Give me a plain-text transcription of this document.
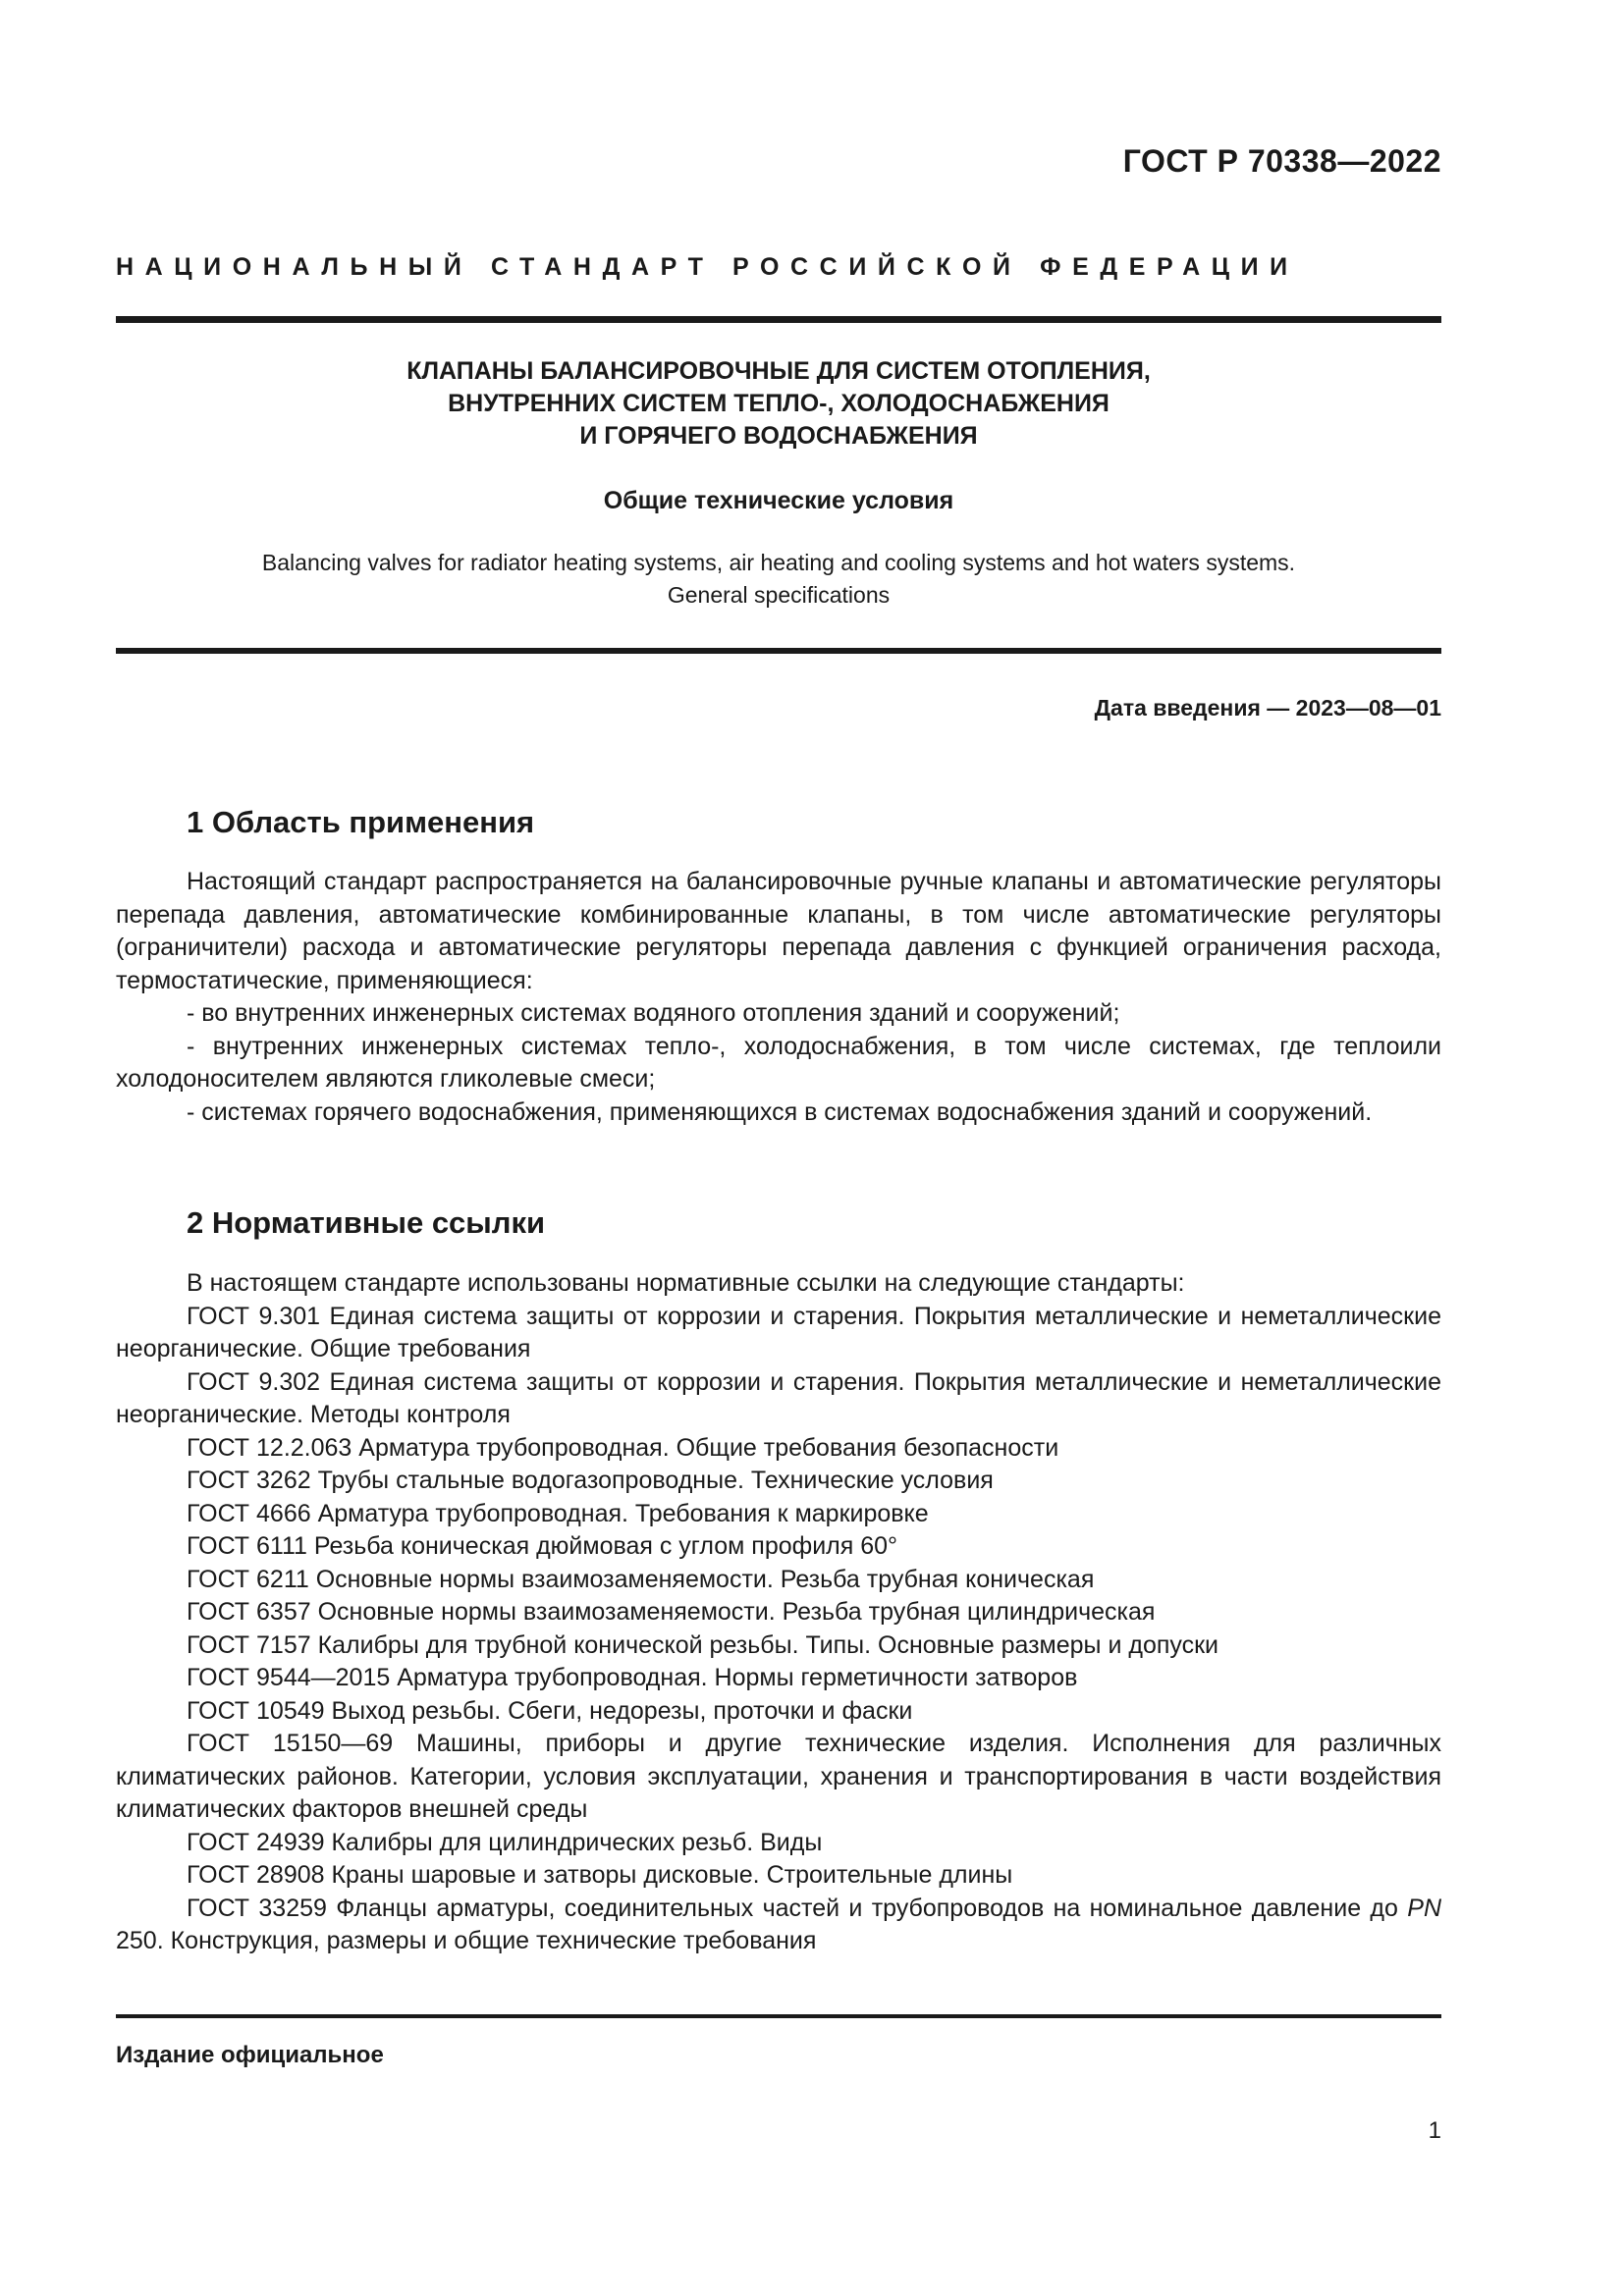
ГОСТ Р 70338—2022
НАЦИОНАЛЬНЫЙ СТАНДАРТ РОССИЙСКОЙ ФЕДЕРАЦИИ
КЛАПАНЫ БАЛАНСИРОВОЧНЫЕ ДЛЯ СИСТЕМ ОТОПЛЕНИЯ,
ВНУТРЕННИХ СИСТЕМ ТЕПЛО-, ХОЛОДОСНАБЖЕНИЯ
И ГОРЯЧЕГО ВОДОСНАБЖЕНИЯ
Общие технические условия
Balancing valves for radiator heating systems, air heating and cooling systems and hot waters systems.
General specifications
Дата введения — 2023—08—01
1 Область применения

Настоящий стандарт распространяется на балансировочные ручные клапаны и автоматические регуляторы перепада давления, автоматические комбинированные клапаны, в том числе автоматические регуляторы (ограничители) расхода и автоматические регуляторы перепада давления с функцией ограничения расхода, термостатические, применяющиеся:

- во внутренних инженерных системах водяного отопления зданий и сооружений;

- внутренних инженерных системах тепло-, холодоснабжения, в том числе системах, где теплоили холодоносителем являются гликолевые смеси;

- системах горячего водоснабжения, применяющихся в системах водоснабжения зданий и сооружений.

2 Нормативные ссылки

В настоящем стандарте использованы нормативные ссылки на следующие стандарты:

ГОСТ 9.301 Единая система защиты от коррозии и старения. Покрытия металлические и неметаллические неорганические. Общие требования

ГОСТ 9.302 Единая система защиты от коррозии и старения. Покрытия металлические и неметаллические неорганические. Методы контроля

ГОСТ 12.2.063 Арматура трубопроводная. Общие требования безопасности

ГОСТ 3262 Трубы стальные водогазопроводные. Технические условия

ГОСТ 4666 Арматура трубопроводная. Требования к маркировке

ГОСТ 6111 Резьба коническая дюймовая с углом профиля 60°

ГОСТ 6211 Основные нормы взаимозаменяемости. Резьба трубная коническая

ГОСТ 6357 Основные нормы взаимозаменяемости. Резьба трубная цилиндрическая

ГОСТ 7157 Калибры для трубной конической резьбы. Типы. Основные размеры и допуски

ГОСТ 9544—2015 Арматура трубопроводная. Нормы герметичности затворов

ГОСТ 10549 Выход резьбы. Сбеги, недорезы, проточки и фаски

ГОСТ 15150—69 Машины, приборы и другие технические изделия. Исполнения для различных климатических районов. Категории, условия эксплуатации, хранения и транспортирования в части воздействия климатических факторов внешней среды

ГОСТ 24939 Калибры для цилиндрических резьб. Виды

ГОСТ 28908 Краны шаровые и затворы дисковые. Строительные длины

ГОСТ 33259 Фланцы арматуры, соединительных частей и трубопроводов на номинальное давление до PN 250. Конструкция, размеры и общие технические требования

Издание официальное
1
